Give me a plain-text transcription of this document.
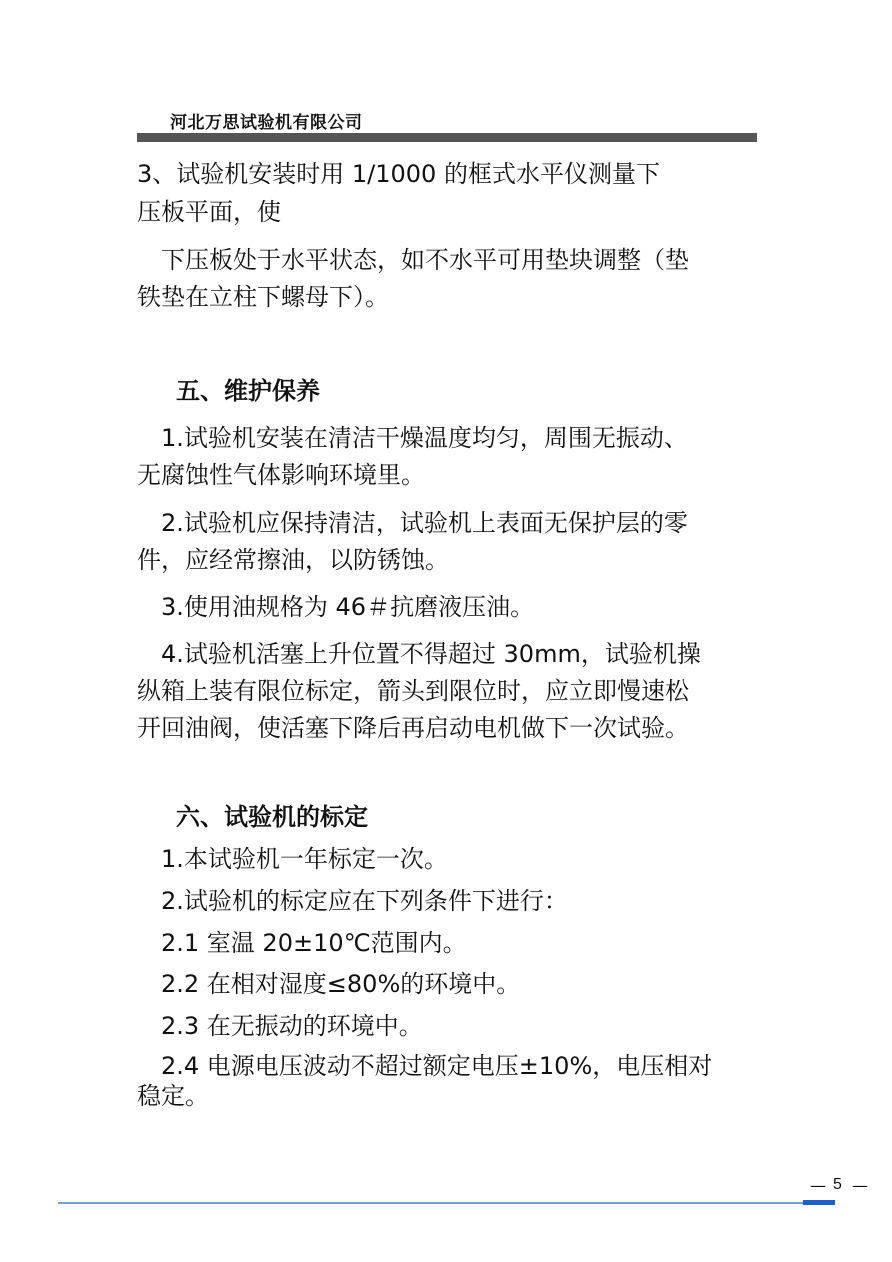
河北万思试验机有限公司
3、试验机安装时用 1/1000 的框式水平仪测量下
压板平面，使
　下压板处于水平状态，如不水平可用垫块调整（垫
铁垫在立柱下螺母下）。
五、维护保养
　1.试验机安装在清洁干燥温度均匀，周围无振动、
无腐蚀性气体影响环境里。
　2.试验机应保持清洁，试验机上表面无保护层的零
件，应经常擦油，以防锈蚀。
　3.使用油规格为 46＃抗磨液压油。
　4.试验机活塞上升位置不得超过 30mm，试验机操
纵箱上装有限位标定，箭头到限位时，应立即慢速松
开回油阀，使活塞下降后再启动电机做下一次试验。
六、试验机的标定
　1.本试验机一年标定一次。
　2.试验机的标定应在下列条件下进行：
　2.1 室温 20±10℃范围内。
　2.2 在相对湿度≤80%的环境中。
　2.3 在无振动的环境中。
　2.4 电源电压波动不超过额定电压±10%，电压相对
稳定。
— 5 —
